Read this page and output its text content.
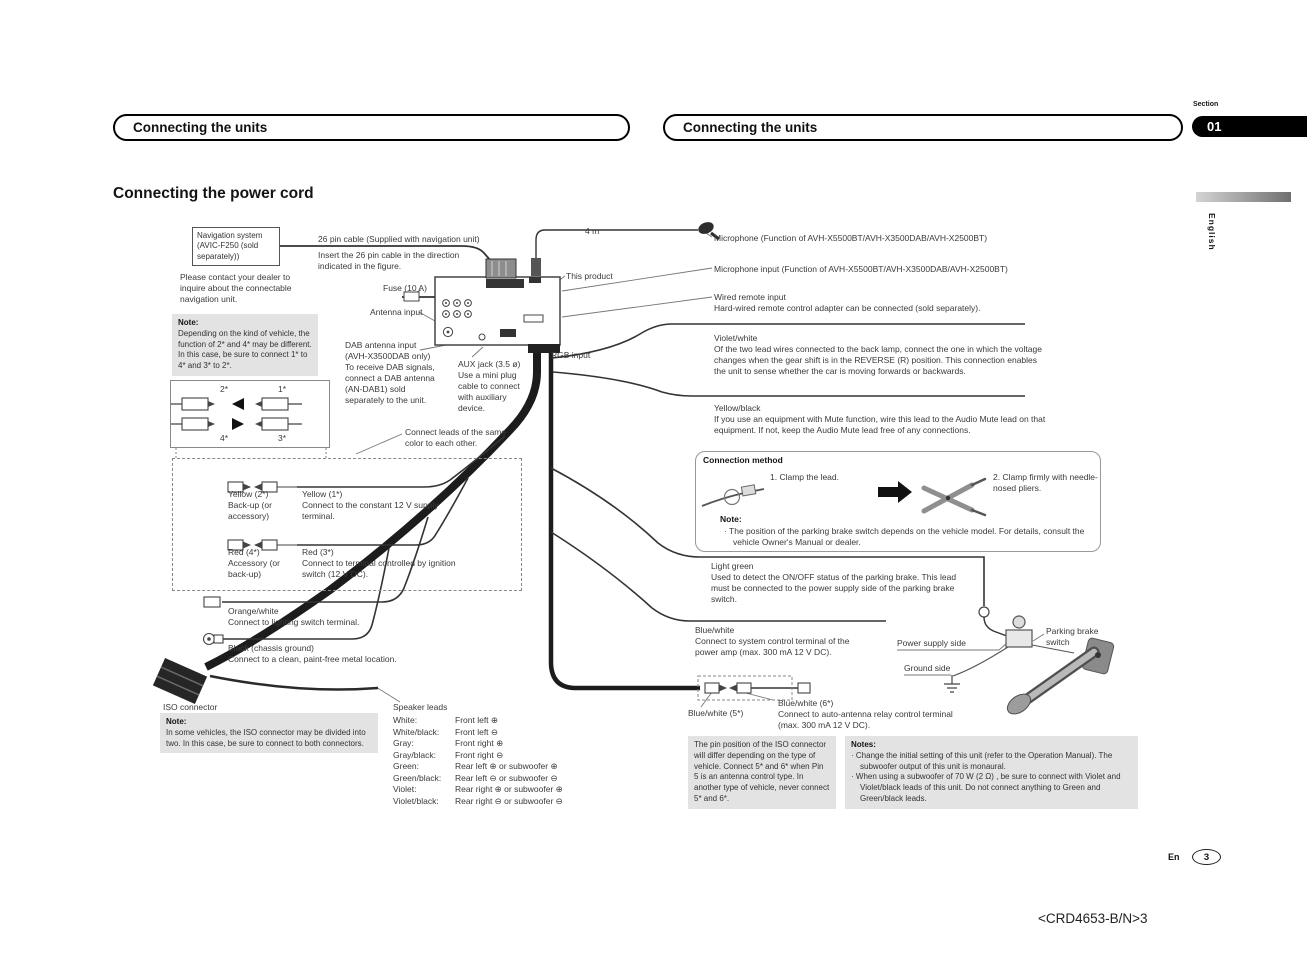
Section
01
Connecting the units	Connecting the units
English
Connecting the power cord
Navigation system (AVIC-F250 (sold separately))
Note:
Depending on the kind of vehicle, the function of 2* and 4* may be different. In this case, be sure to connect 1* to 4* and 3* to 2*.
Note:
In some vehicles, the ISO connector may be divided into two. In this case, be sure to connect to both connectors.	The pin position of the ISO connector will differ depending on the type of vehicle. Connect 5* and 6* when Pin 5 is an antenna control type. In another type of vehicle, never connect 5* and 6*.
Notes:
· Change the initial setting of this unit (refer to the Operation Manual). The subwoofer output of this unit is monaural.
· When using a subwoofer of 70 W (2 Ω) , be sure to connect with Violet and Violet/black leads of this unit. Do not connect anything to Green and Green/black leads.
Please contact your dealer to inquire about the connectable navigation unit.
26 pin cable (Supplied with navigation unit)
Insert the 26 pin cable in the direction indicated in the figure.
4 m
Microphone (Function of AVH-X5500BT/AVH-X3500DAB/AVH-X2500BT)
Microphone input (Function of AVH-X5500BT/AVH-X3500DAB/AVH-X2500BT)
This product
Fuse (10 A)
Antenna input
Wired remote input
Hard-wired remote control adapter can be connected (sold separately).
DAB antenna input (AVH-X3500DAB only)
To receive DAB signals, connect a DAB antenna (AN-DAB1) sold separately to the unit.
RGB input
AUX jack (3.5 ø)
Use a mini plug cable to connect with auxiliary device.
Violet/white
Of the two lead wires connected to the back lamp, connect the one in which the voltage changes when the gear shift is in the REVERSE (R) position. This connection enables the unit to sense whether the car is moving forwards or backwards.
Yellow/black
If you use an equipment with Mute function, wire this lead to the Audio Mute lead on that equipment. If not, keep the Audio Mute lead free of any connections.
Light green
Used to detect the ON/OFF status of the parking brake. This lead must be connected to the power supply side of the parking brake switch.
Blue/white
Connect to system control terminal of the power amp (max. 300 mA 12 V DC).
Connection method
1. Clamp the lead.	2. Clamp firmly with needle-nosed pliers.
Note:
· The position of the parking brake switch depends on the vehicle model. For details, consult the vehicle Owner's Manual or dealer.
Power supply side
Ground side
Parking brake switch
2*	1*
4*	3*
Connect leads of the same color to each other.
Yellow (2*)
Back-up (or accessory)
Yellow (1*)
Connect to the constant 12 V supply terminal.
Red (4*)
Accessory (or back-up)
Red (3*)
Connect to terminal controlled by ignition switch (12 V DC).
Orange/white
Connect to lighting switch terminal.
Black (chassis ground)
Connect to a clean, paint-free metal location.
ISO connector	Speaker leads
White:	Front left ⊕
White/black: Front left ⊖
Gray:	Front right ⊕
Gray/black: Front right ⊖
Green:	Rear left ⊕ or subwoofer ⊕
Green/black: Rear left ⊖ or subwoofer ⊖
Violet:	Rear right ⊕ or subwoofer ⊕
Violet/black: Rear right ⊖ or subwoofer ⊖
Blue/white (5*)
Blue/white (6*)
Connect to auto-antenna relay control terminal (max. 300 mA 12 V DC).
En	3
<CRD4653-B/N>3
